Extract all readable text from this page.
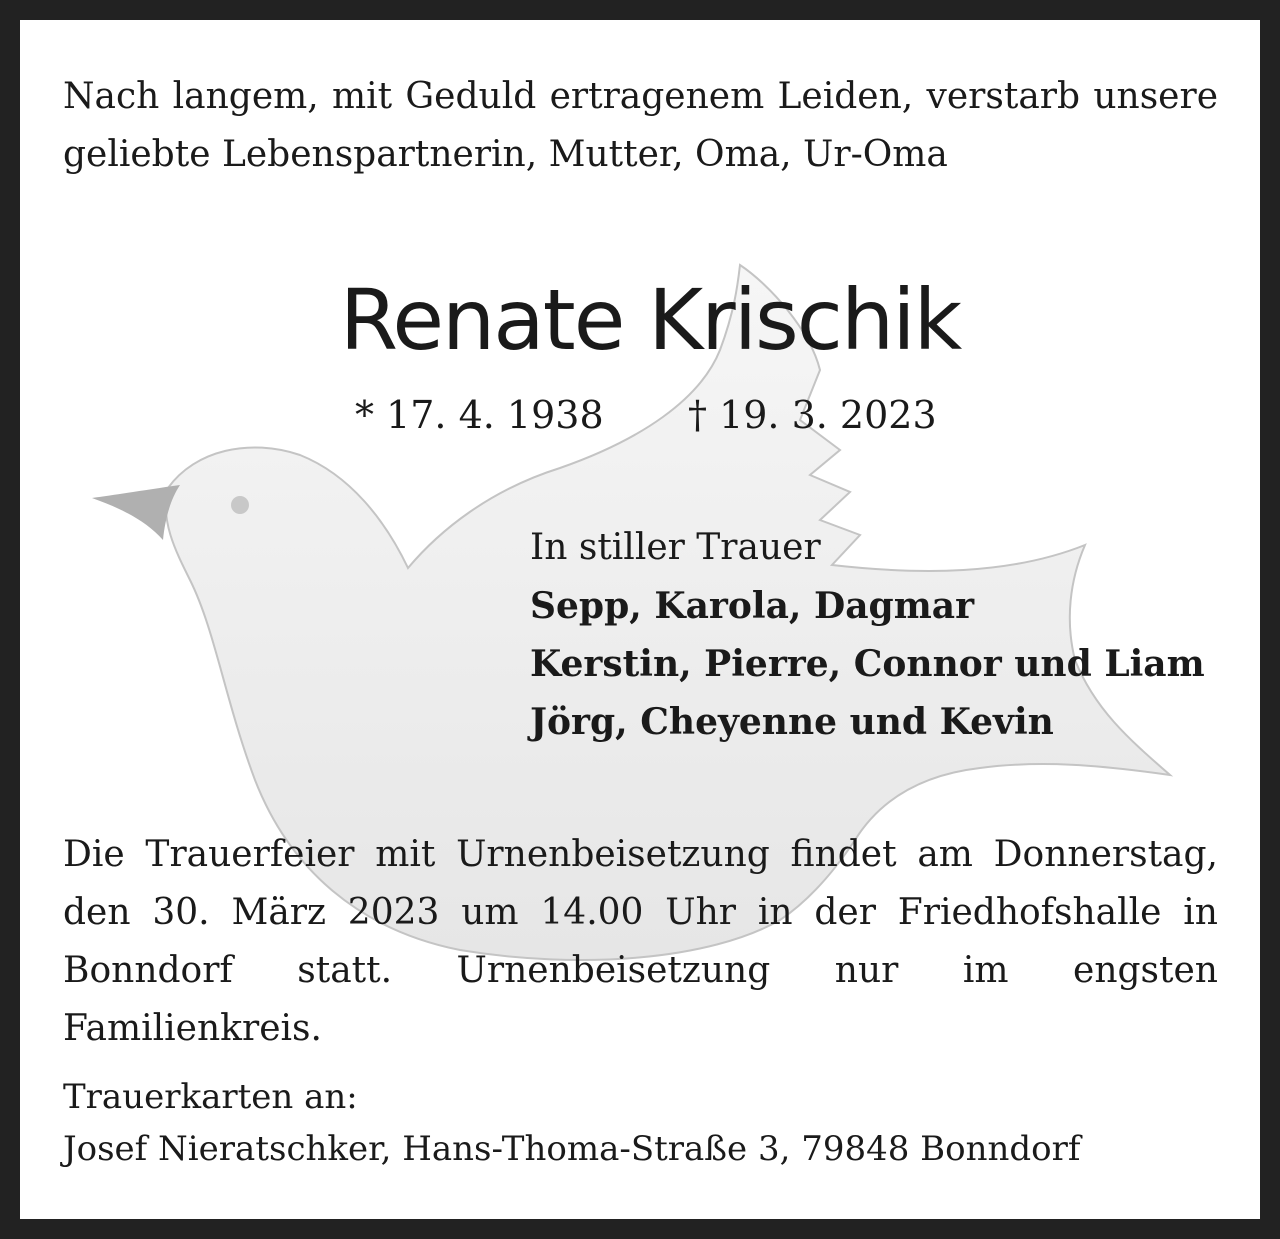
Nach langem, mit Geduld ertragenem Leiden, verstarb unsere geliebte Lebenspartnerin, Mutter, Oma, Ur-Oma

Renate Krischik
* 17. 4. 1938 † 19. 3. 2023
In stiller Trauer
Sepp, Karola, Dagmar
Kerstin, Pierre, Connor und Liam
Jörg, Cheyenne und Kevin

Die Trauerfeier mit Urnenbeisetzung findet am Donnerstag, den 30. März 2023 um 14.00 Uhr in der Friedhofshalle in Bonndorf statt. Urnenbeisetzung nur im engsten Familienkreis.

Trauerkarten an:
Josef Nieratschker, Hans-Thoma-Straße 3, 79848 Bonndorf
